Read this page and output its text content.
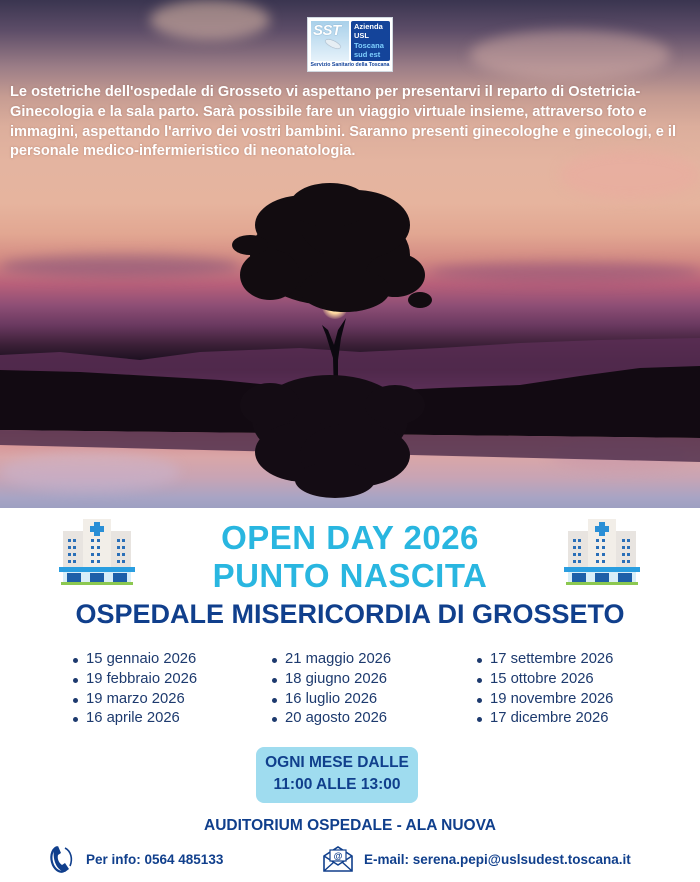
SST Azienda
USL
Toscana
sud est
Servizio Sanitario della Toscana

Le ostetriche dell'ospedale di Grosseto vi aspettano per presentarvi il reparto di Ostetricia-Ginecologia e la sala parto. Sarà possibile fare un viaggio virtuale insieme, attraverso foto e immagini, aspettando l'arrivo dei vostri bambini. Saranno presenti ginecologhe e ginecologi, e il personale medico-infermieristico di neonatologia.

OPEN DAY 2026
PUNTO NASCITA
OSPEDALE MISERICORDIA DI GROSSETO
15 gennaio 2026
19 febbraio 2026
19 marzo 2026
16 aprile 2026
21 maggio 2026
18 giugno 2026
16 luglio 2026
20 agosto 2026
17 settembre 2026
15 ottobre 2026
19 novembre 2026
17 dicembre 2026
OGNI MESE DALLE
11:00 ALLE 13:00
AUDITORIUM OSPEDALE - ALA NUOVA
Per info: 0564 485133	@ E-mail: serena.pepi@uslsudest.toscana.it
